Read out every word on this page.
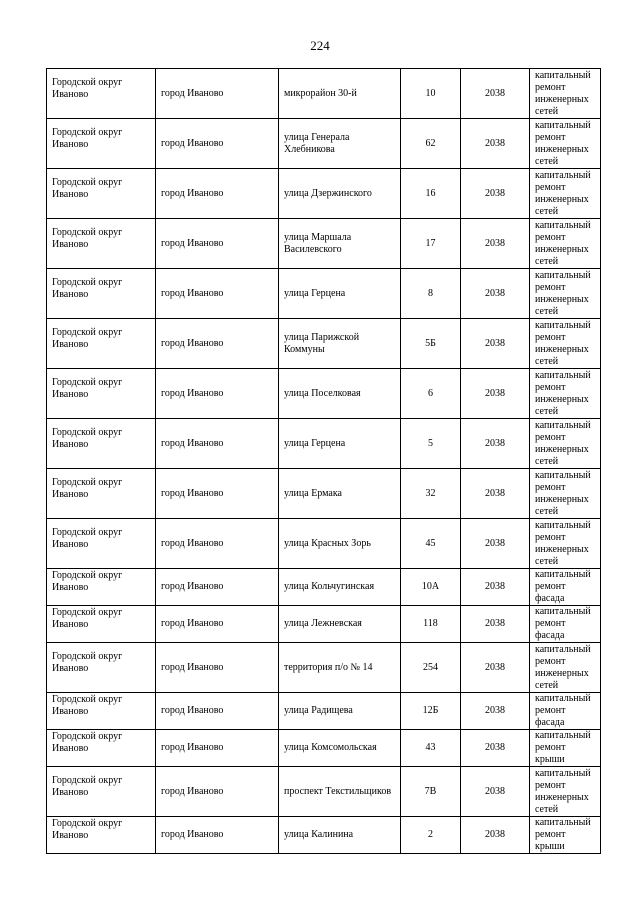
224
Городской округ Иваново	город Иваново	микрорайон 30-й	10	2038	капитальный ремонт инженерных сетей

Городской округ Иваново	город Иваново	улица Генерала Хлебникова	62	2038	капитальный ремонт инженерных сетей

Городской округ Иваново	город Иваново	улица Дзержинского	16	2038	капитальный ремонт инженерных сетей

Городской округ Иваново	город Иваново	улица Маршала Василевского	17	2038	капитальный ремонт инженерных сетей

Городской округ Иваново	город Иваново	улица Герцена	8	2038	капитальный ремонт инженерных сетей

Городской округ Иваново	город Иваново	улица Парижской Коммуны	5Б	2038	капитальный ремонт инженерных сетей

Городской округ Иваново	город Иваново	улица Поселковая	6	2038	капитальный ремонт инженерных сетей

Городской округ Иваново	город Иваново	улица Герцена	5	2038	капитальный ремонт инженерных сетей

Городской округ Иваново	город Иваново	улица Ермака	32	2038	капитальный ремонт инженерных сетей

Городской округ Иваново	город Иваново	улица Красных Зорь	45	2038	капитальный ремонт инженерных сетей

Городской округ Иваново	город Иваново	улица Кольчугинская	10А	2038	капитальный ремонт фасада

Городской округ Иваново	город Иваново	улица Лежневская	118	2038	капитальный ремонт фасада

Городской округ Иваново	город Иваново	территория п/о № 14	254	2038	капитальный ремонт инженерных сетей

Городской округ Иваново	город Иваново	улица Радищева	12Б	2038	капитальный ремонт фасада

Городской округ Иваново	город Иваново	улица Комсомольская	43	2038	капитальный ремонт крыши

Городской округ Иваново	город Иваново	проспект Текстильщиков	7В	2038	капитальный ремонт инженерных сетей

Городской округ Иваново	город Иваново	улица Калинина	2	2038	капитальный ремонт крыши
